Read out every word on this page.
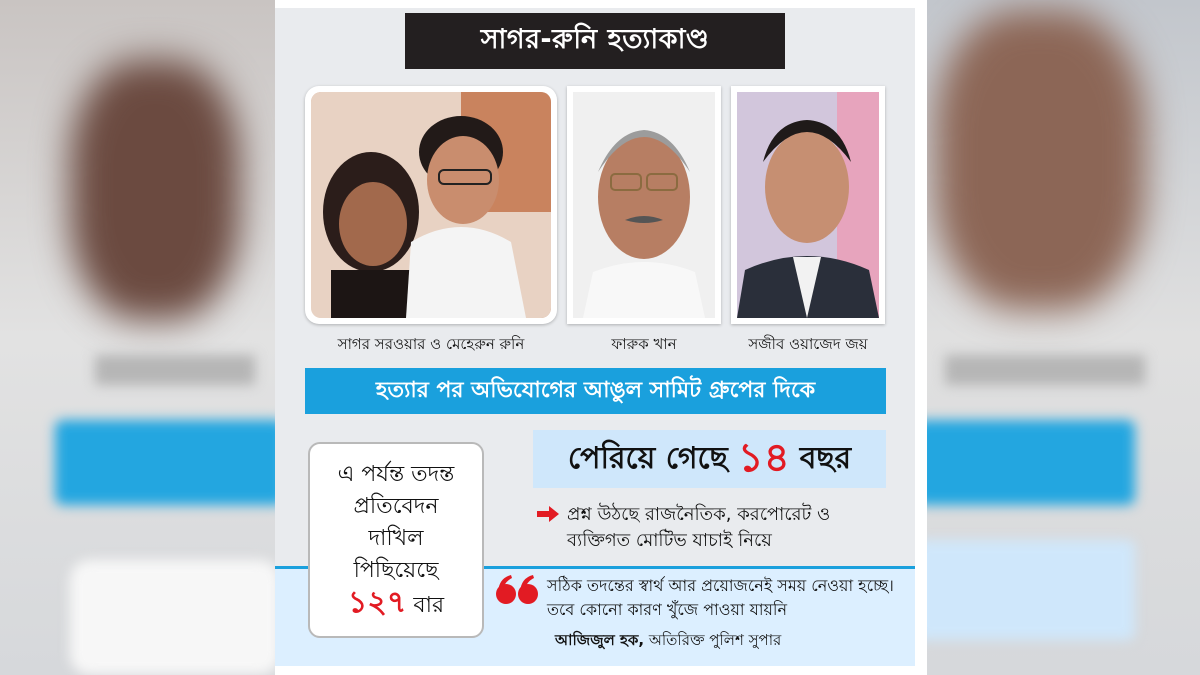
সাগর-রুনি হত্যাকাণ্ড
সাগর সরওয়ার ও মেহেরুন রুনি	ফারুক খান	সজীব ওয়াজেদ জয়
হত্যার পর অভিযোগের আঙুল সামিট গ্রুপের দিকে
এ পর্যন্ত তদন্ত
প্রতিবেদন
দাখিল
পিছিয়েছে
১২৭ বার
পেরিয়ে গেছে ১৪ বছর
প্রশ্ন উঠছে রাজনৈতিক, করপোরেট ও ব্যক্তিগত মোটিভ যাচাই নিয়ে
সঠিক তদন্তের স্বার্থ আর প্রয়োজনেই সময় নেওয়া হচ্ছে। তবে কোনো কারণ খুঁজে পাওয়া যায়নি
আজিজুল হক, অতিরিক্ত পুলিশ সুপার
